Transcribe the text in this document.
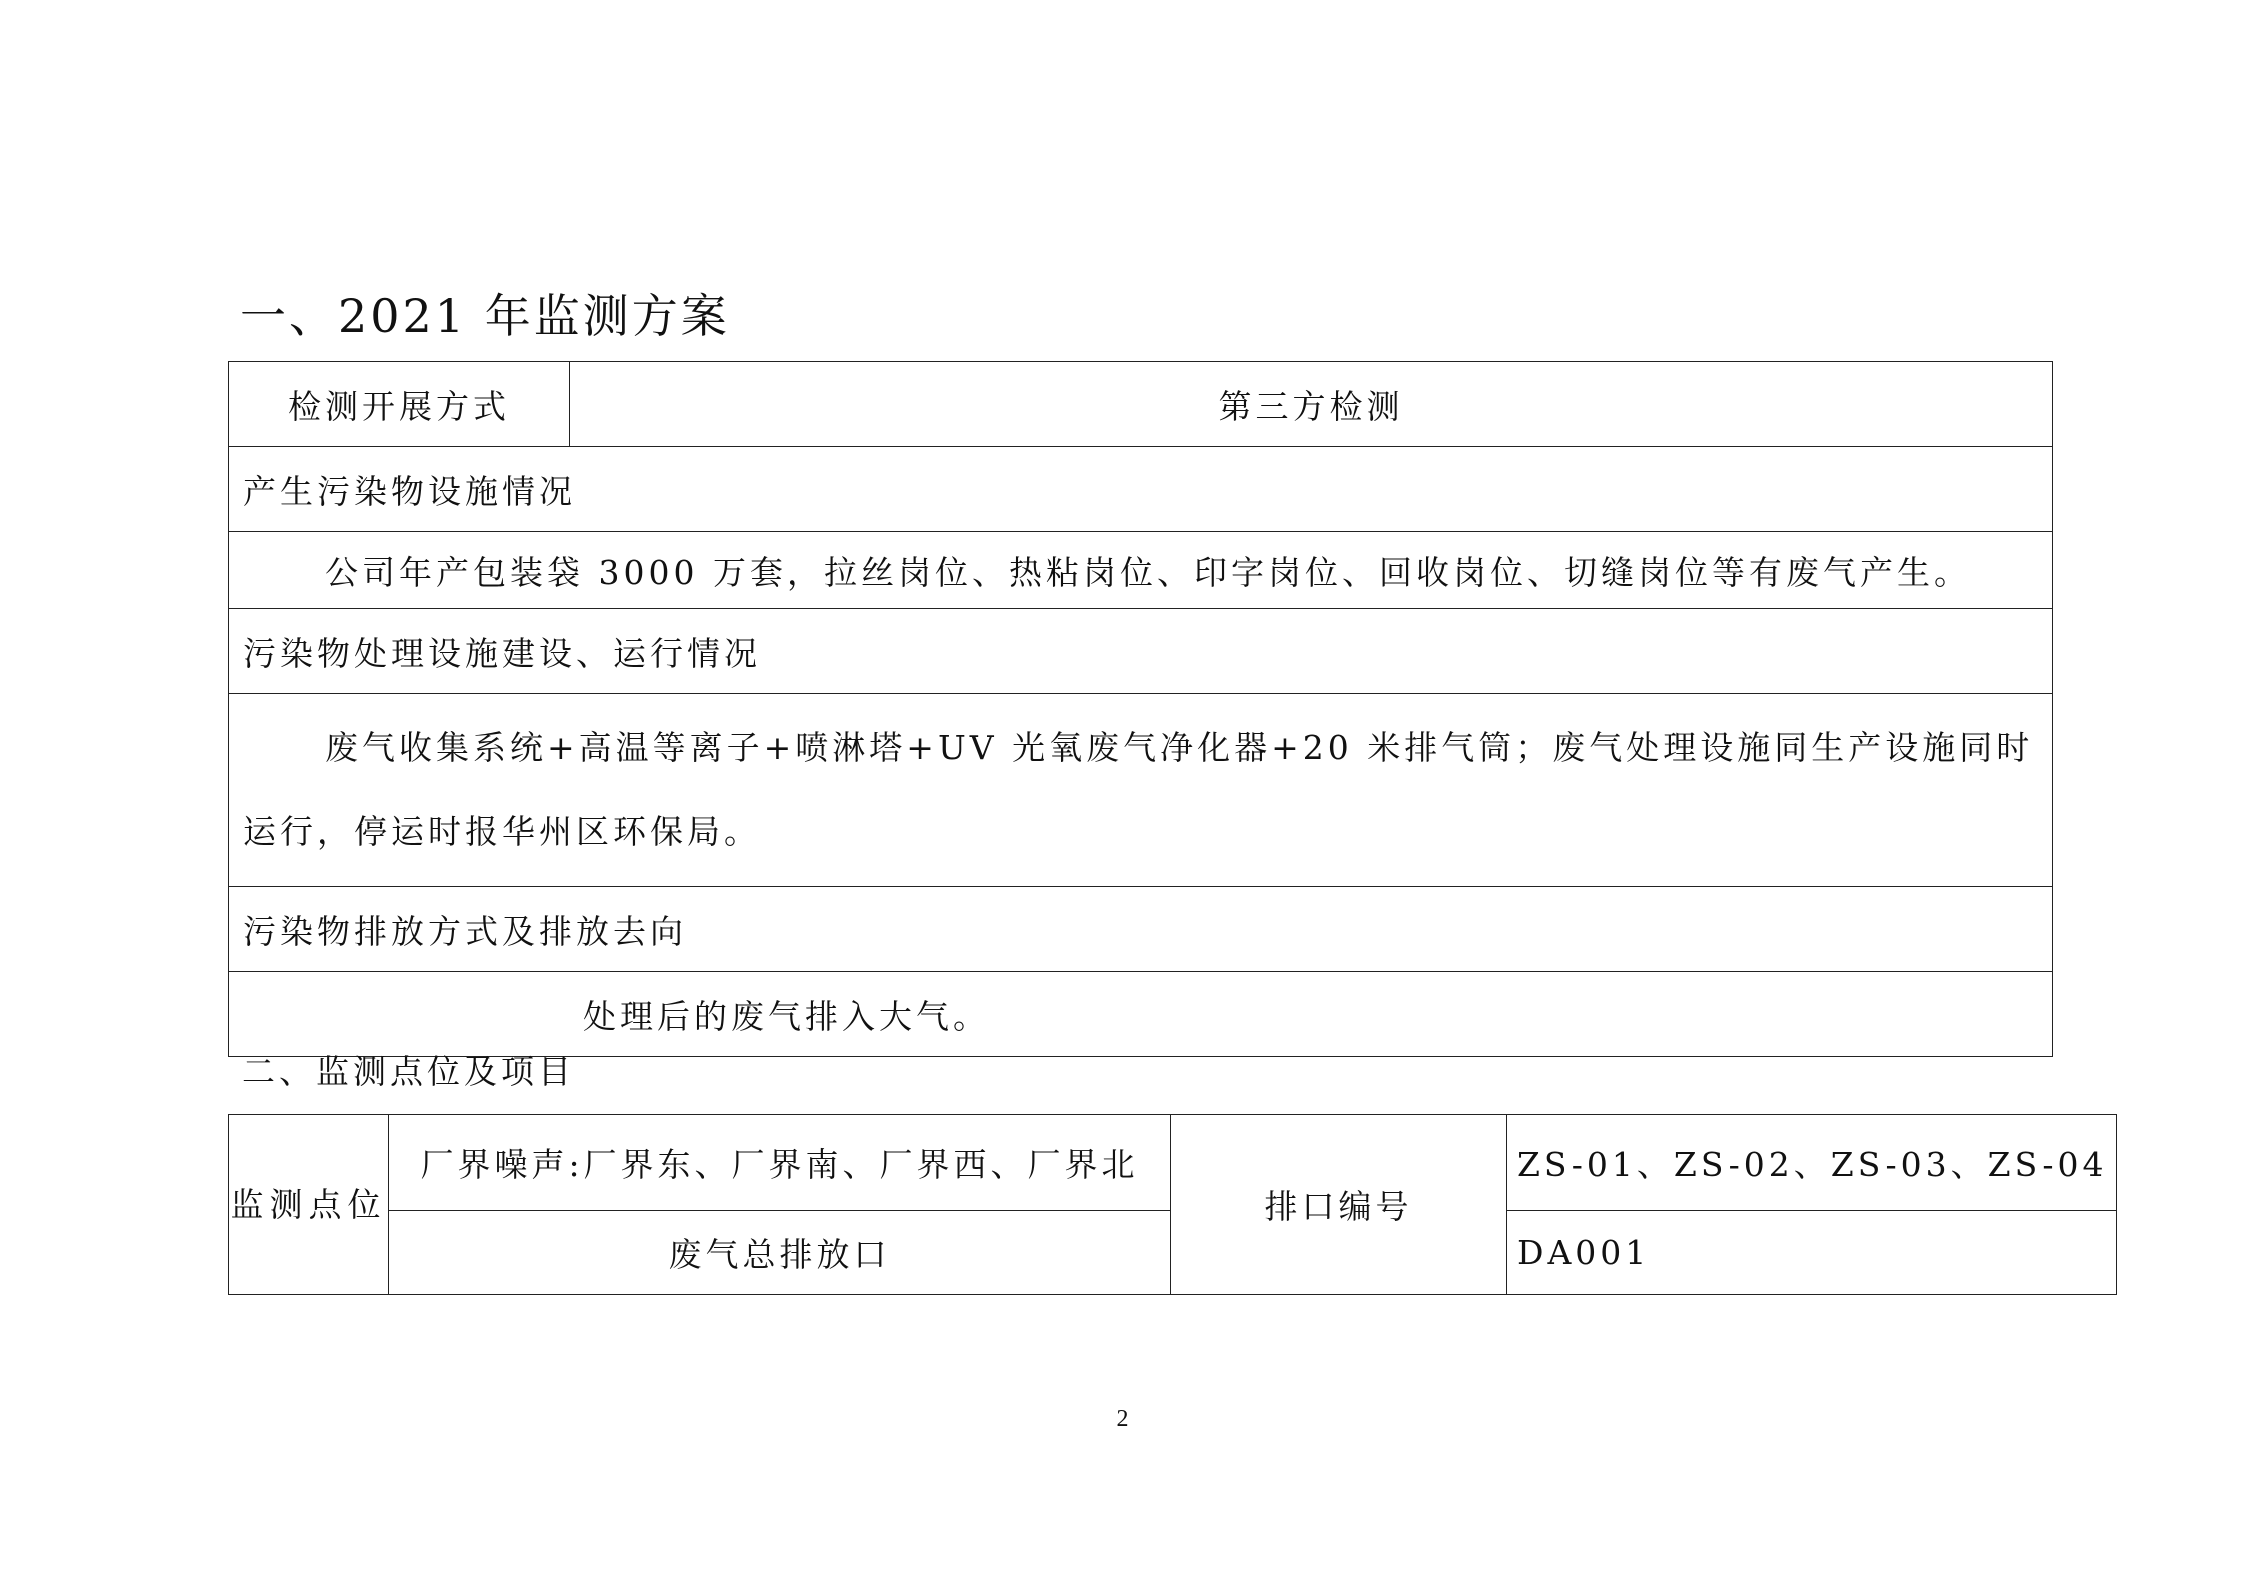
一、2021 年监测方案
检测开展方式	第三方检测
产生污染物设施情况
公司年产包装袋 3000 万套，拉丝岗位、热粘岗位、印字岗位、回收岗位、切缝岗位等有废气产生。
污染物处理设施建设、运行情况
废气收集系统+高温等离子+喷淋塔+UV 光氧废气净化器+20 米排气筒；废气处理设施同生产设施同时运行，停运时报华州区环保局。
污染物排放方式及排放去向
处理后的废气排入大气。
二、监测点位及项目
监测点位	厂界噪声:厂界东、厂界南、厂界西、厂界北	排口编号	ZS-01、ZS-02、ZS-03、ZS-04
	废气总排放口		DA001
2
